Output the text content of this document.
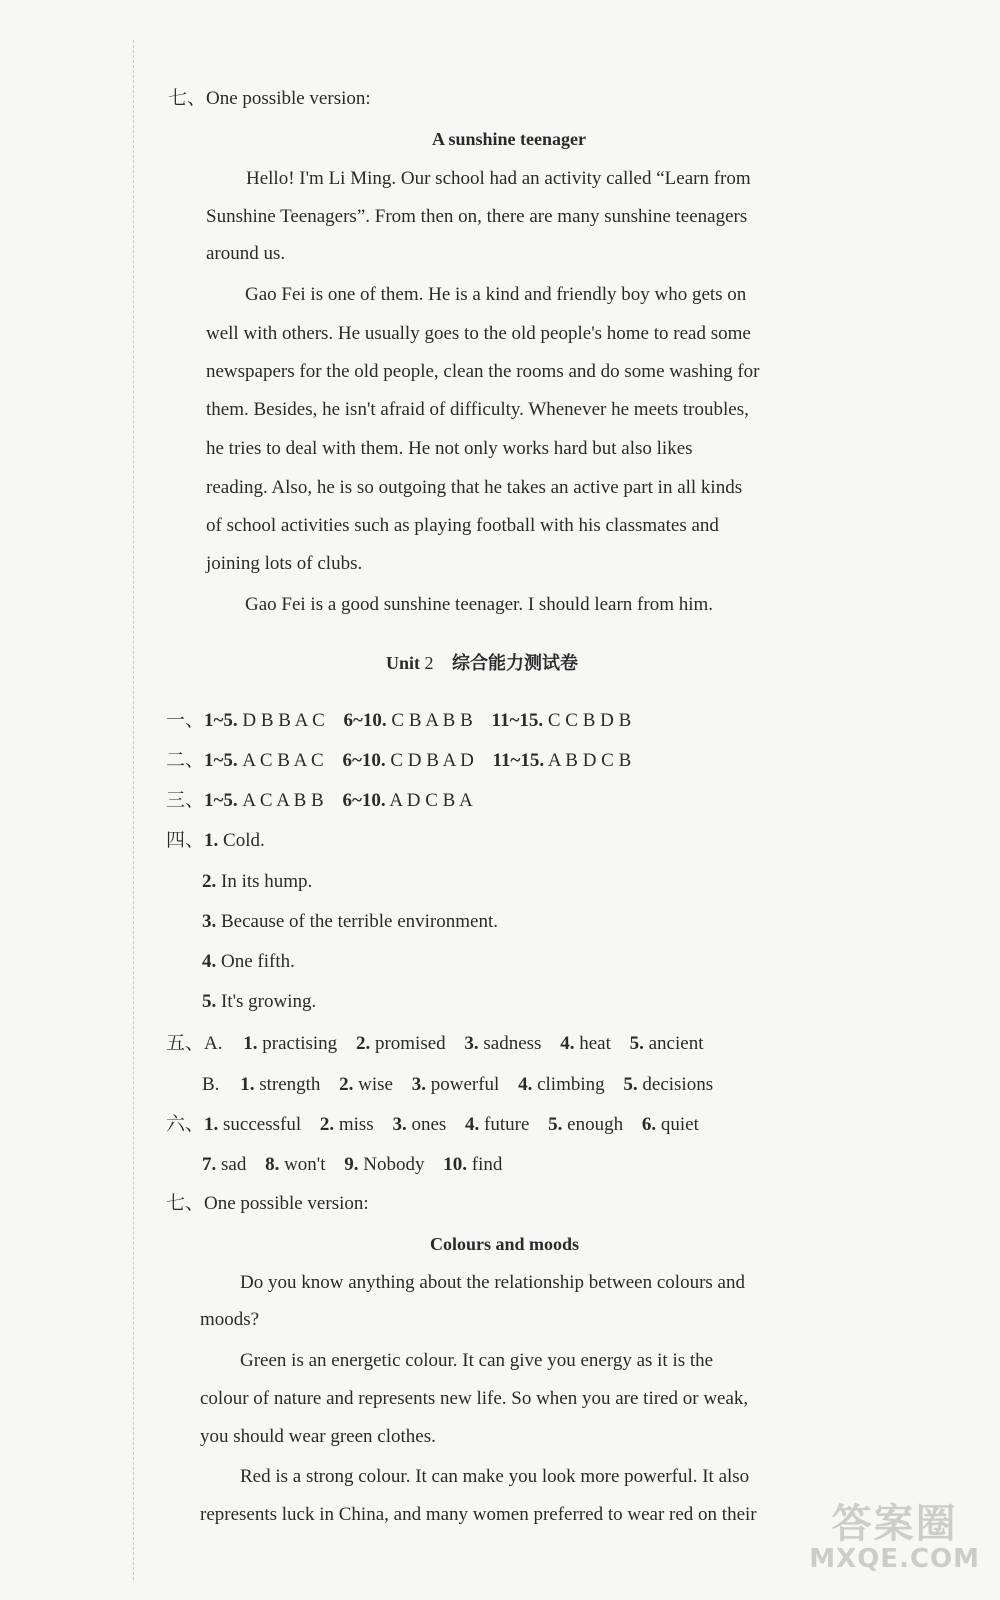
七、One possible version:
A sunshine teenager
Hello! I'm Li Ming. Our school had an activity called “Learn from
Sunshine Teenagers”. From then on, there are many sunshine teenagers
around us.
Gao Fei is one of them. He is a kind and friendly boy who gets on
well with others. He usually goes to the old people's home to read some
newspapers for the old people, clean the rooms and do some washing for
them. Besides, he isn't afraid of difficulty. Whenever he meets troubles,
he tries to deal with them. He not only works hard but also likes
reading. Also, he is so outgoing that he takes an active part in all kinds
of school activities such as playing football with his classmates and
joining lots of clubs.
Gao Fei is a good sunshine teenager. I should learn from him.
Unit 2 综合能力测试卷
一、1~5. D B B A C 6~10. C B A B B 11~15. C C B D B
二、1~5. A C B A C 6~10. C D B A D 11~15. A B D C B
三、1~5. A C A B B 6~10. A D C B A
四、1. Cold.
2. In its hump.
3. Because of the terrible environment.
4. One fifth.
5. It's growing.
五、A. 1. practising 2. promised 3. sadness 4. heat 5. ancient
B. 1. strength 2. wise 3. powerful 4. climbing 5. decisions
六、1. successful 2. miss 3. ones 4. future 5. enough 6. quiet
7. sad 8. won't 9. Nobody 10. find
七、One possible version:
Colours and moods
Do you know anything about the relationship between colours and
moods?
Green is an energetic colour. It can give you energy as it is the
colour of nature and represents new life. So when you are tired or weak,
you should wear green clothes.
Red is a strong colour. It can make you look more powerful. It also
represents luck in China, and many women preferred to wear red on their	答案圈
MXQE.COM
